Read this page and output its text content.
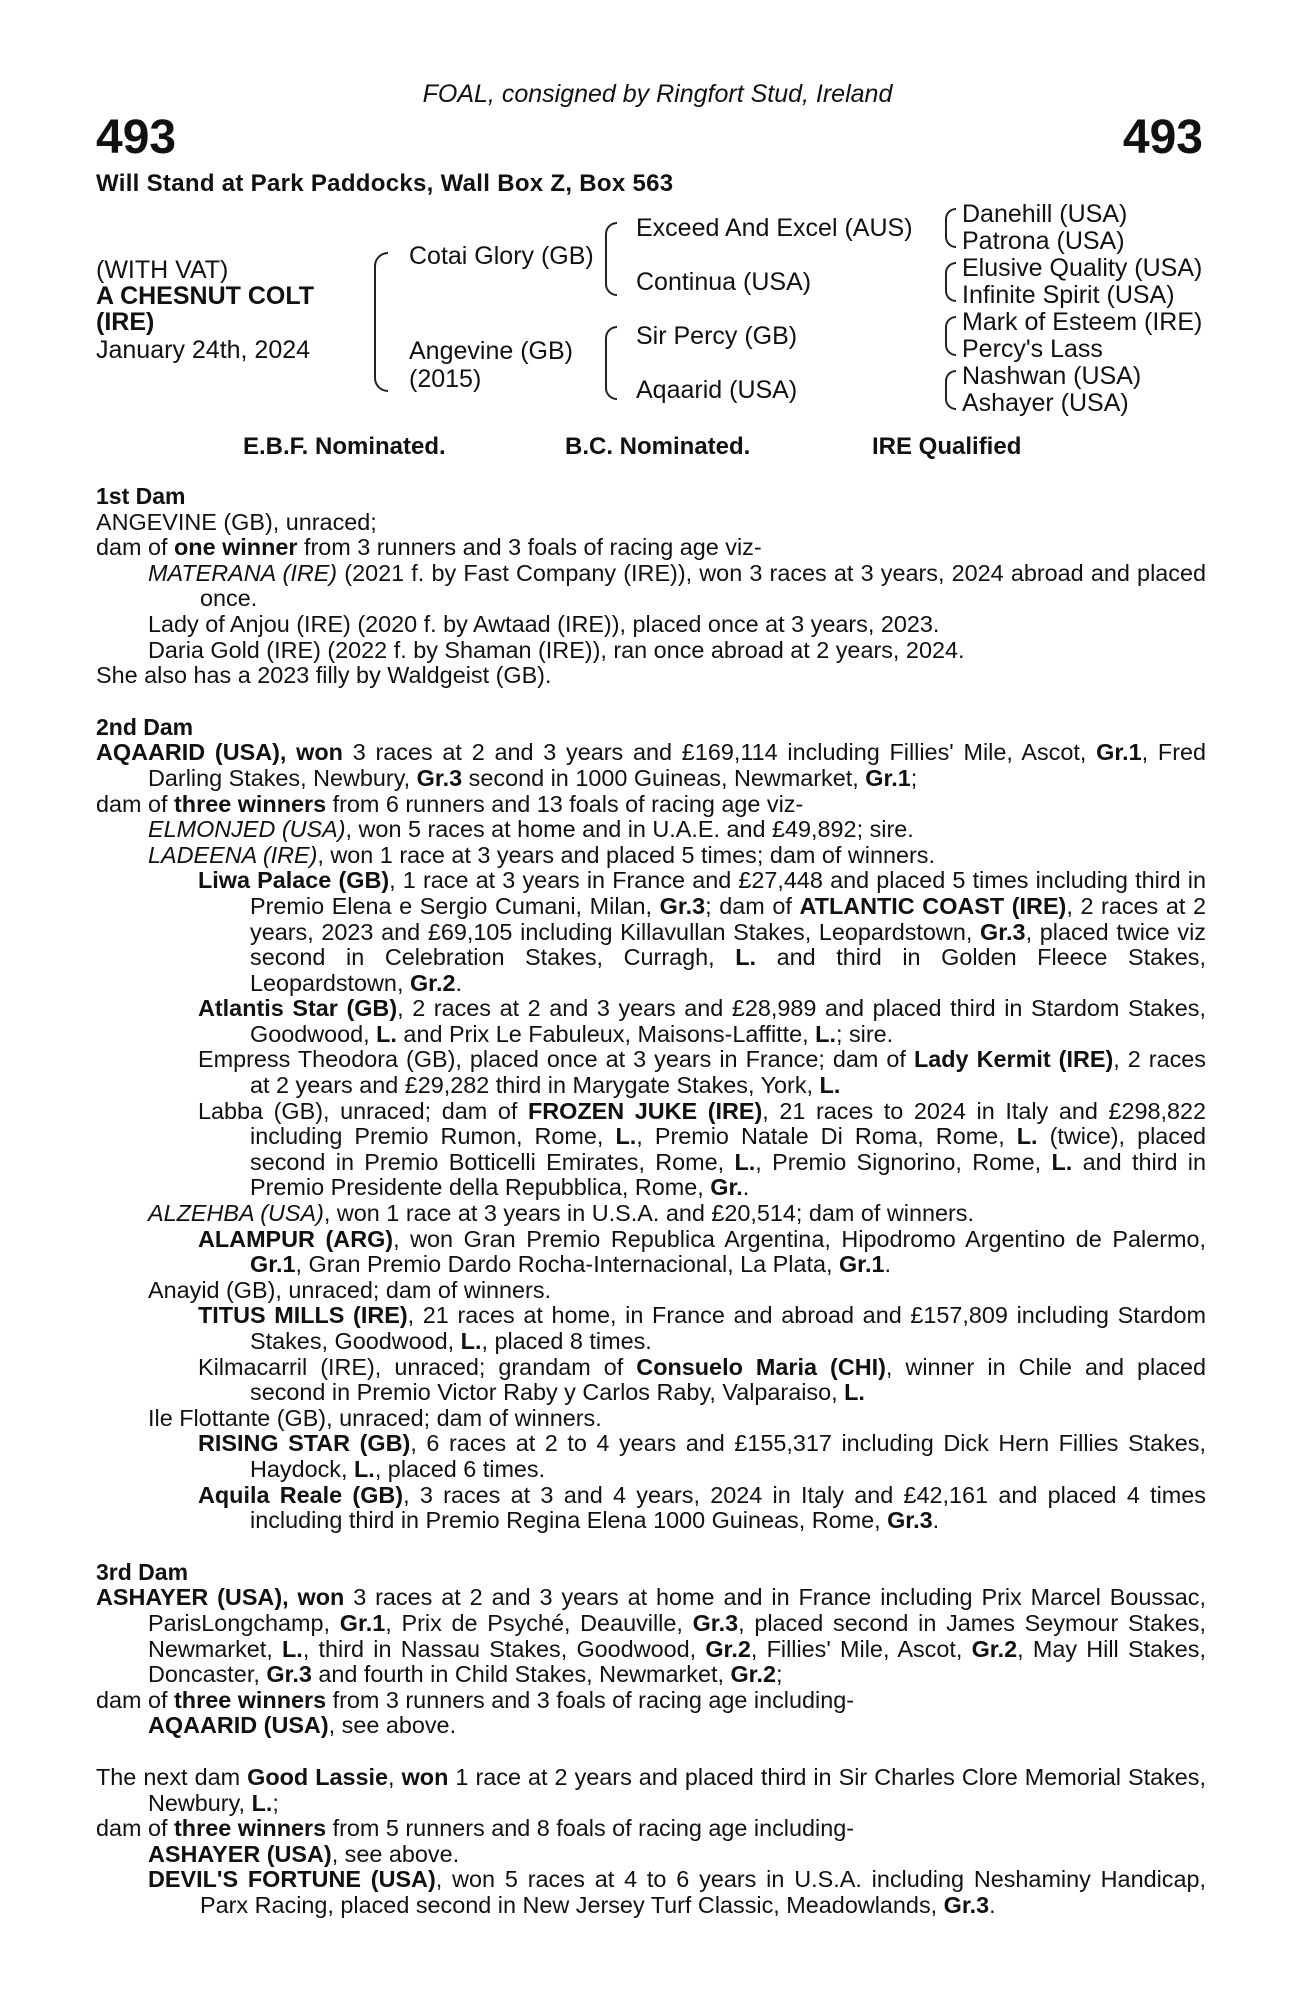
FOAL, consigned by Ringfort Stud, Ireland
493	493
Will Stand at Park Paddocks, Wall Box Z, Box 563
(WITH VAT)
A CHESNUT COLT
(IRE)
January 24th, 2024
Cotai Glory (GB)
Angevine (GB)
(2015)
Exceed And Excel (AUS)
Continua (USA)
Sir Percy (GB)
Aqaarid (USA)
Danehill (USA)
Patrona (USA)
Elusive Quality (USA)
Infinite Spirit (USA)
Mark of Esteem (IRE)
Percy's Lass
Nashwan (USA)
Ashayer (USA)
E.B.F. Nominated.	B.C. Nominated.	IRE Qualified

1st Dam

ANGEVINE (GB), unraced;

dam of one winner from 3 runners and 3 foals of racing age viz-

MATERANA (IRE) (2021 f. by Fast Company (IRE)), won 3 races at 3 years, 2024 abroad and placed once.

Lady of Anjou (IRE) (2020 f. by Awtaad (IRE)), placed once at 3 years, 2023.

Daria Gold (IRE) (2022 f. by Shaman (IRE)), ran once abroad at 2 years, 2024.

She also has a 2023 filly by Waldgeist (GB).

2nd Dam

AQAARID (USA), won 3 races at 2 and 3 years and £169,114 including Fillies' Mile, Ascot, Gr.1, Fred Darling Stakes, Newbury, Gr.3 second in 1000 Guineas, Newmarket, Gr.1;

dam of three winners from 6 runners and 13 foals of racing age viz-

ELMONJED (USA), won 5 races at home and in U.A.E. and £49,892; sire.

LADEENA (IRE), won 1 race at 3 years and placed 5 times; dam of winners.

Liwa Palace (GB), 1 race at 3 years in France and £27,448 and placed 5 times including third in Premio Elena e Sergio Cumani, Milan, Gr.3; dam of ATLANTIC COAST (IRE), 2 races at 2 years, 2023 and £69,105 including Killavullan Stakes, Leopardstown, Gr.3, placed twice viz second in Celebration Stakes, Curragh, L. and third in Golden Fleece Stakes, Leopardstown, Gr.2.

Atlantis Star (GB), 2 races at 2 and 3 years and £28,989 and placed third in Stardom Stakes, Goodwood, L. and Prix Le Fabuleux, Maisons-Laffitte, L.; sire.

Empress Theodora (GB), placed once at 3 years in France; dam of Lady Kermit (IRE), 2 races at 2 years and £29,282 third in Marygate Stakes, York, L.

Labba (GB), unraced; dam of FROZEN JUKE (IRE), 21 races to 2024 in Italy and £298,822 including Premio Rumon, Rome, L., Premio Natale Di Roma, Rome, L. (twice), placed second in Premio Botticelli Emirates, Rome, L., Premio Signorino, Rome, L. and third in Premio Presidente della Repubblica, Rome, Gr..

ALZEHBA (USA), won 1 race at 3 years in U.S.A. and £20,514; dam of winners.

ALAMPUR (ARG), won Gran Premio Republica Argentina, Hipodromo Argentino de Palermo, Gr.1, Gran Premio Dardo Rocha-Internacional, La Plata, Gr.1.

Anayid (GB), unraced; dam of winners.

TITUS MILLS (IRE), 21 races at home, in France and abroad and £157,809 including Stardom Stakes, Goodwood, L., placed 8 times.

Kilmacarril (IRE), unraced; grandam of Consuelo Maria (CHI), winner in Chile and placed second in Premio Victor Raby y Carlos Raby, Valparaiso, L.

Ile Flottante (GB), unraced; dam of winners.

RISING STAR (GB), 6 races at 2 to 4 years and £155,317 including Dick Hern Fillies Stakes, Haydock, L., placed 6 times.

Aquila Reale (GB), 3 races at 3 and 4 years, 2024 in Italy and £42,161 and placed 4 times including third in Premio Regina Elena 1000 Guineas, Rome, Gr.3.

3rd Dam

ASHAYER (USA), won 3 races at 2 and 3 years at home and in France including Prix Marcel Boussac, ParisLongchamp, Gr.1, Prix de Psyché, Deauville, Gr.3, placed second in James Seymour Stakes, Newmarket, L., third in Nassau Stakes, Goodwood, Gr.2, Fillies' Mile, Ascot, Gr.2, May Hill Stakes, Doncaster, Gr.3 and fourth in Child Stakes, Newmarket, Gr.2;

dam of three winners from 3 runners and 3 foals of racing age including-

AQAARID (USA), see above.

The next dam Good Lassie, won 1 race at 2 years and placed third in Sir Charles Clore Memorial Stakes, Newbury, L.;

dam of three winners from 5 runners and 8 foals of racing age including-

ASHAYER (USA), see above.

DEVIL'S FORTUNE (USA), won 5 races at 4 to 6 years in U.S.A. including Neshaminy Handicap, Parx Racing, placed second in New Jersey Turf Classic, Meadowlands, Gr.3.
